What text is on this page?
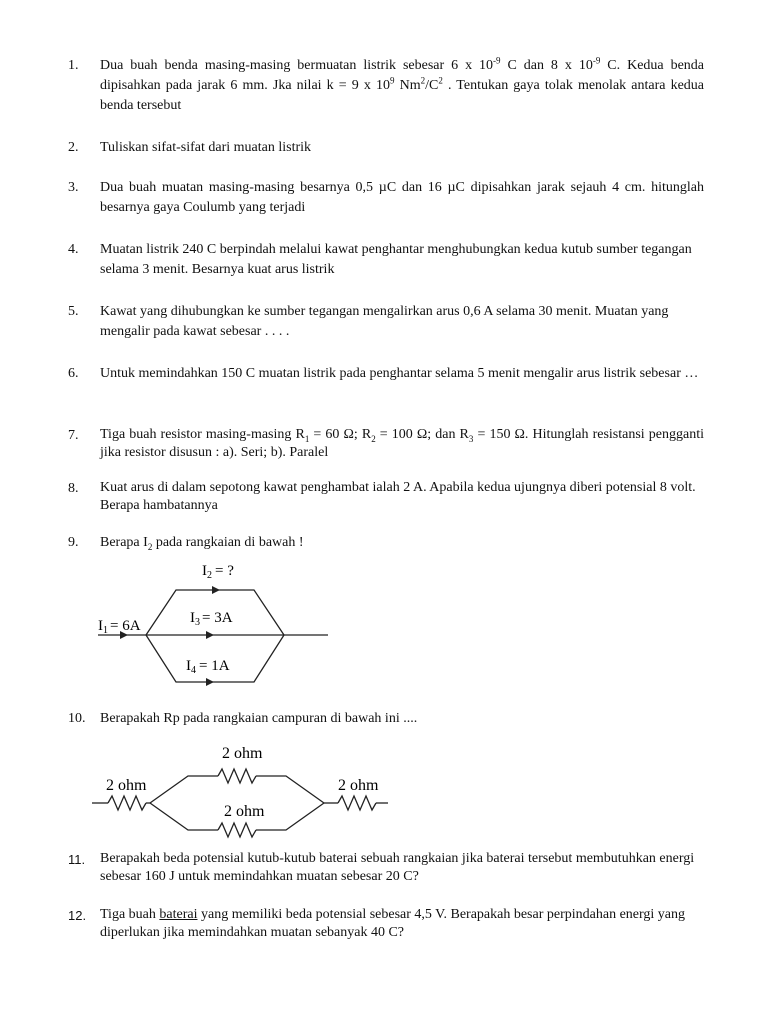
1.	Dua buah benda masing-masing bermuatan listrik sebesar 6 x $10^{-9}$ C dan 8 x $10^{-9}$ C. Kedua benda dipisahkan pada jarak 6 mm. Jka nilai k = 9 x $10^9$ $Nm^2/C^2$ . Tentukan gaya tolak menolak antara kedua benda tersebut
2.	Tuliskan sifat-sifat dari muatan listrik
3.	Dua buah muatan masing-masing besarnya 0,5 µC dan 16 µC dipisahkan jarak sejauh 4 cm. hitunglah besarnya gaya Coulumb yang terjadi
4.	Muatan listrik 240 C berpindah melalui kawat penghantar menghubungkan kedua kutub sumber tegangan selama 3 menit. Besarnya kuat arus listrik
5.	Kawat yang dihubungkan ke sumber tegangan mengalirkan arus 0,6 A selama 30 menit. Muatan yang mengalir pada kawat sebesar . . . .
6.	Untuk memindahkan 150 C muatan listrik pada penghantar selama 5 menit mengalir arus listrik sebesar …
7.	Tiga buah resistor masing-masing $R_1 = 60$ Ω; $R_2 = 100$ Ω; dan $R_3 = 150$ Ω. Hitunglah resistansi pengganti jika resistor disusun : a). Seri; b). Paralel
8.	Kuat arus di dalam sepotong kawat penghambat ialah 2 A. Apabila kedua ujungnya diberi potensial 8 volt. Berapa hambatannya
9.	Berapa $I_2$ pada rangkaian di bawah !
$I_1 = 6A$
$I_2$ = ?
$I_3 = 3A$
$I_4 = 1A$
10.	Berapakah Rp pada rangkaian campuran di bawah ini ....
2 ohm
2 ohm
2 ohm
2 ohm
11.	Berapakah beda potensial kutub-kutub baterai sebuah rangkaian jika baterai tersebut membutuhkan energi sebesar 160 J untuk memindahkan muatan sebesar 20 C?
12. Tiga buah baterai yang memiliki beda potensial sebesar 4,5 V. Berapakah besar perpindahan energi yang diperlukan jika memindahkan muatan sebanyak 40 C?
